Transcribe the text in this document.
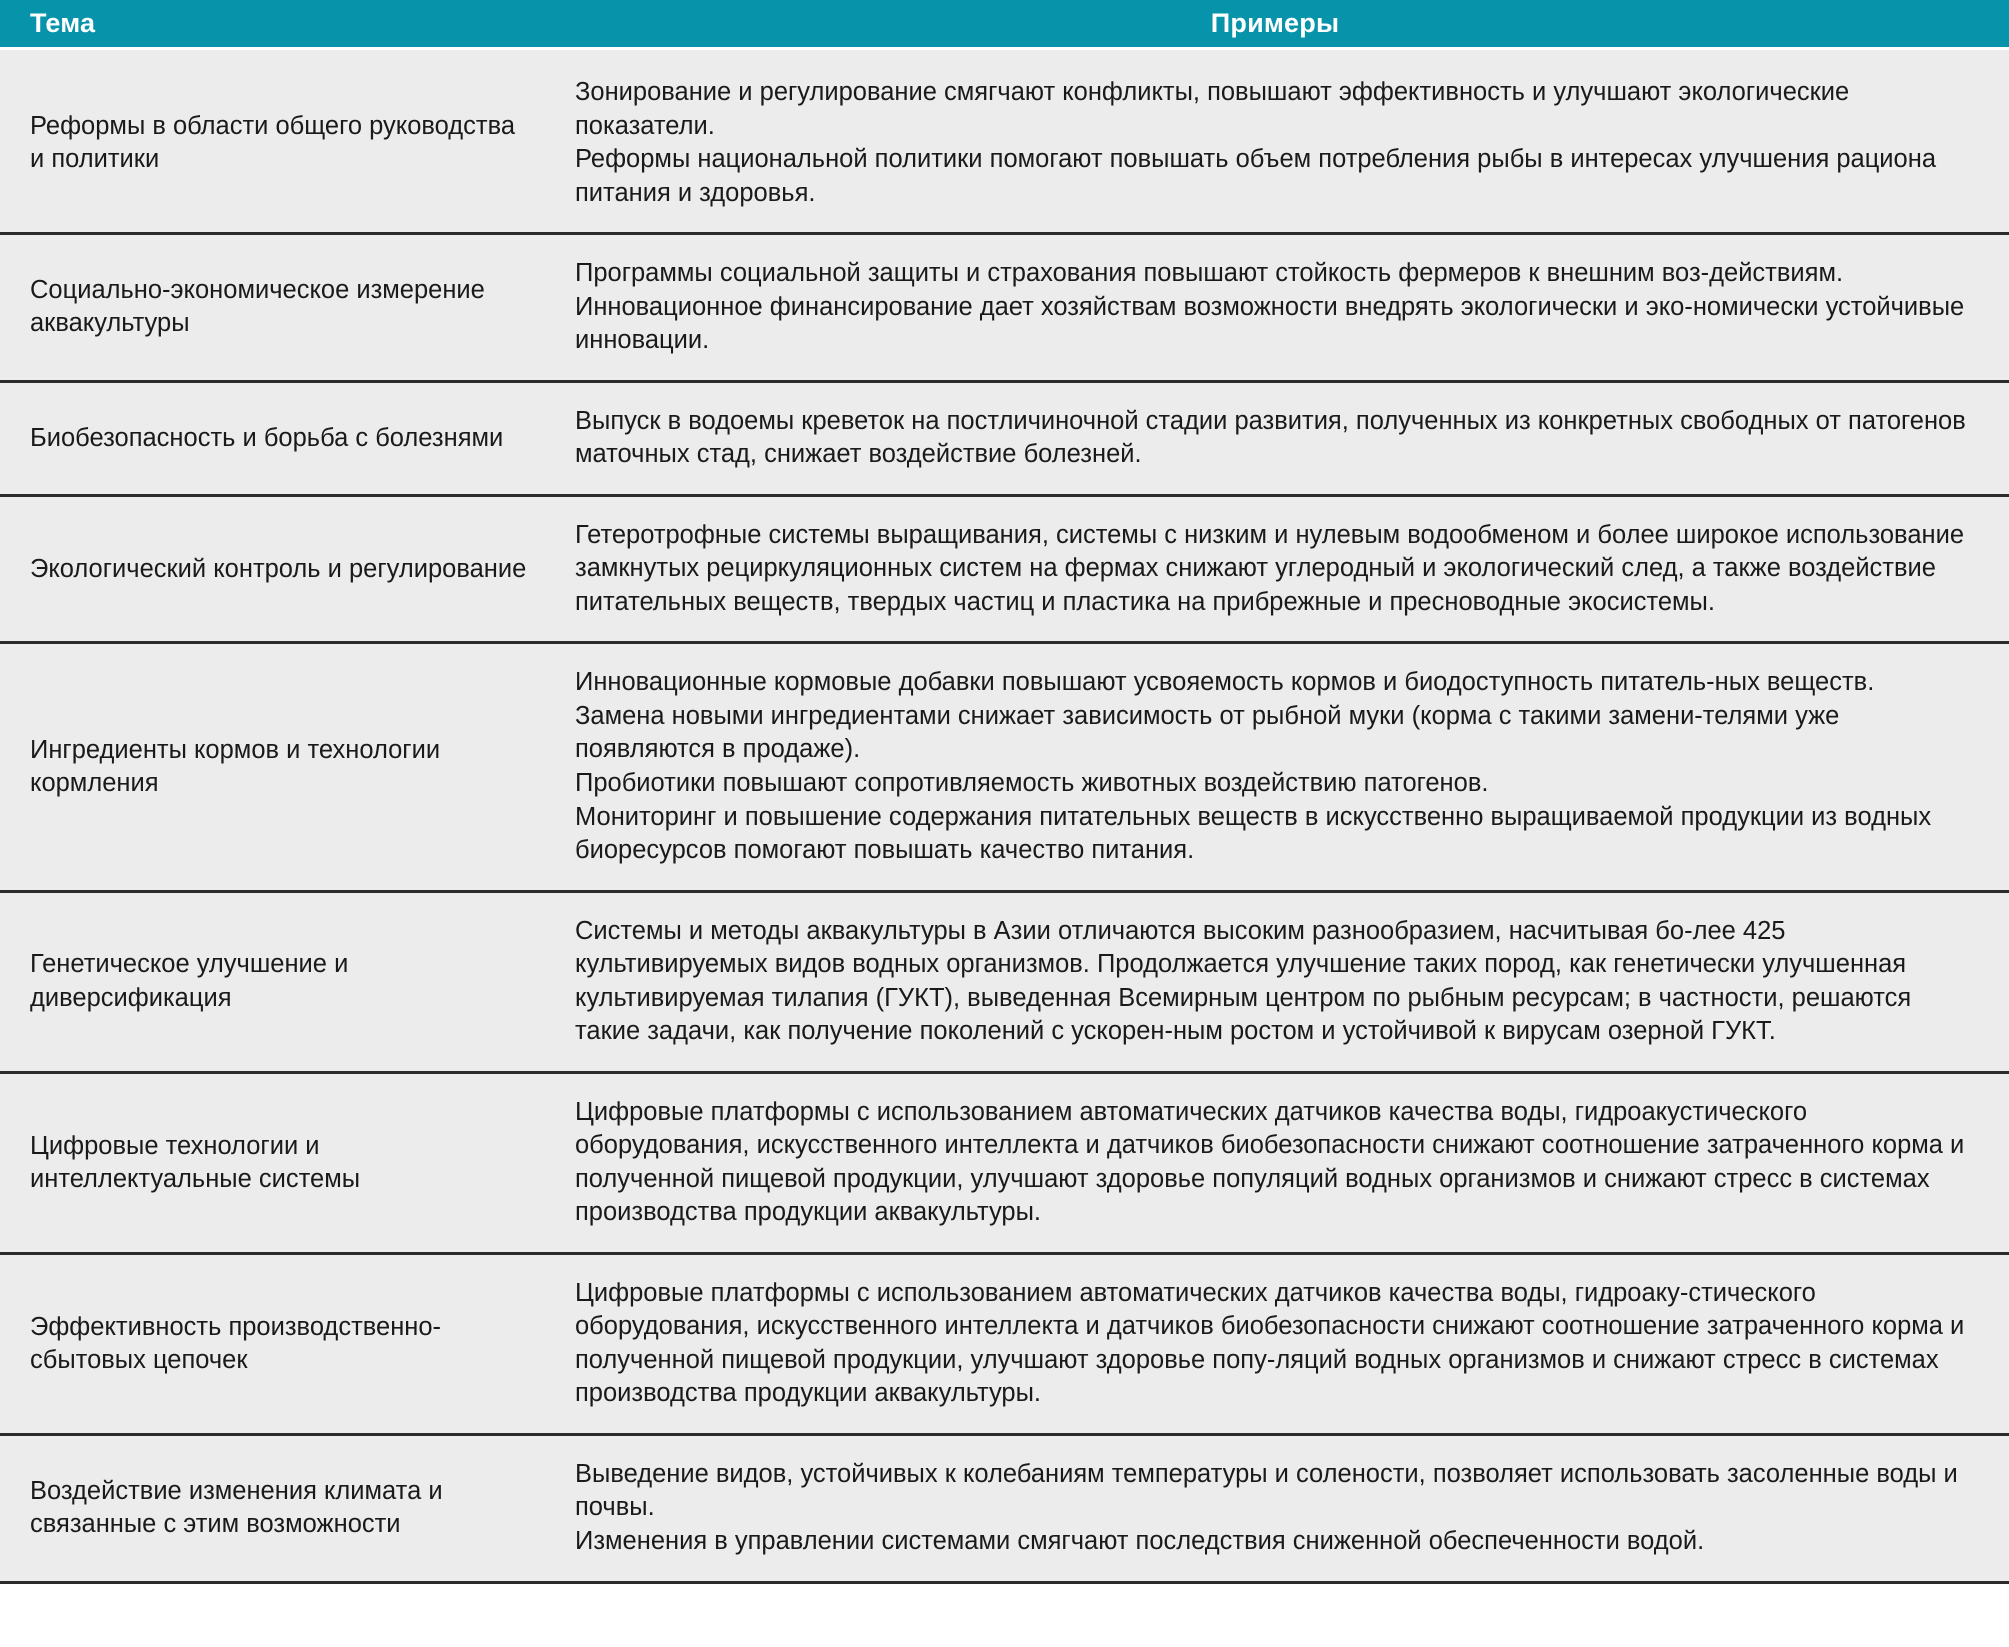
Тема	Примеры
Реформы в области общего руководства и политики	Зонирование и регулирование смягчают конфликты, повышают эффективность и улучшают экологические показатели.
Реформы национальной политики помогают повышать объем потребления рыбы в интересах улучшения рациона питания и здоровья.

Социально-экономическое измерение аквакультуры	Программы социальной защиты и страхования повышают стойкость фермеров к внешним воз-действиям.
Инновационное финансирование дает хозяйствам возможности внедрять экологически и эко-номически устойчивые инновации.

Биобезопасность и борьба с болезнями	Выпуск в водоемы креветок на постличиночной стадии развития, полученных из конкретных свободных от патогенов маточных стад, снижает воздействие болезней.

Экологический контроль и регулирование	Гетеротрофные системы выращивания, системы с низким и нулевым водообменом и более широкое использование замкнутых рециркуляционных систем на фермах снижают углеродный и экологический след, а также воздействие питательных веществ, твердых частиц и пластика на прибрежные и пресноводные экосистемы.

Ингредиенты кормов и технологии кормления	Инновационные кормовые добавки повышают усвояемость кормов и биодоступность питатель-ных веществ.
Замена новыми ингредиентами снижает зависимость от рыбной муки (корма с такими замени-телями уже появляются в продаже).
Пробиотики повышают сопротивляемость животных воздействию патогенов.
Мониторинг и повышение содержания питательных веществ в искусственно выращиваемой продукции из водных биоресурсов помогают повышать качество питания.

Генетическое улучшение и диверсификация	Системы и методы аквакультуры в Азии отличаются высоким разнообразием, насчитывая бо-лее 425 культивируемых видов водных организмов. Продолжается улучшение таких пород, как генетически улучшенная культивируемая тилапия (ГУКТ), выведенная Всемирным центром по рыбным ресурсам; в частности, решаются такие задачи, как получение поколений с ускорен-ным ростом и устойчивой к вирусам озерной ГУКТ.

Цифровые технологии и интеллектуальные системы	Цифровые платформы с использованием автоматических датчиков качества воды, гидроакустического оборудования, искусственного интеллекта и датчиков биобезопасности снижают соотношение затраченного корма и полученной пищевой продукции, улучшают здоровье популяций водных организмов и снижают стресс в системах производства продукции аквакультуры.

Эффективность производственно-сбытовых цепочек	Цифровые платформы с использованием автоматических датчиков качества воды, гидроаку-стического оборудования, искусственного интеллекта и датчиков биобезопасности снижают соотношение затраченного корма и полученной пищевой продукции, улучшают здоровье попу-ляций водных организмов и снижают стресс в системах производства продукции аквакультуры.

Воздействие изменения климата и связанные с этим возможности	Выведение видов, устойчивых к колебаниям температуры и солености, позволяет использовать засоленные воды и почвы.
Изменения в управлении системами смягчают последствия сниженной обеспеченности водой.
